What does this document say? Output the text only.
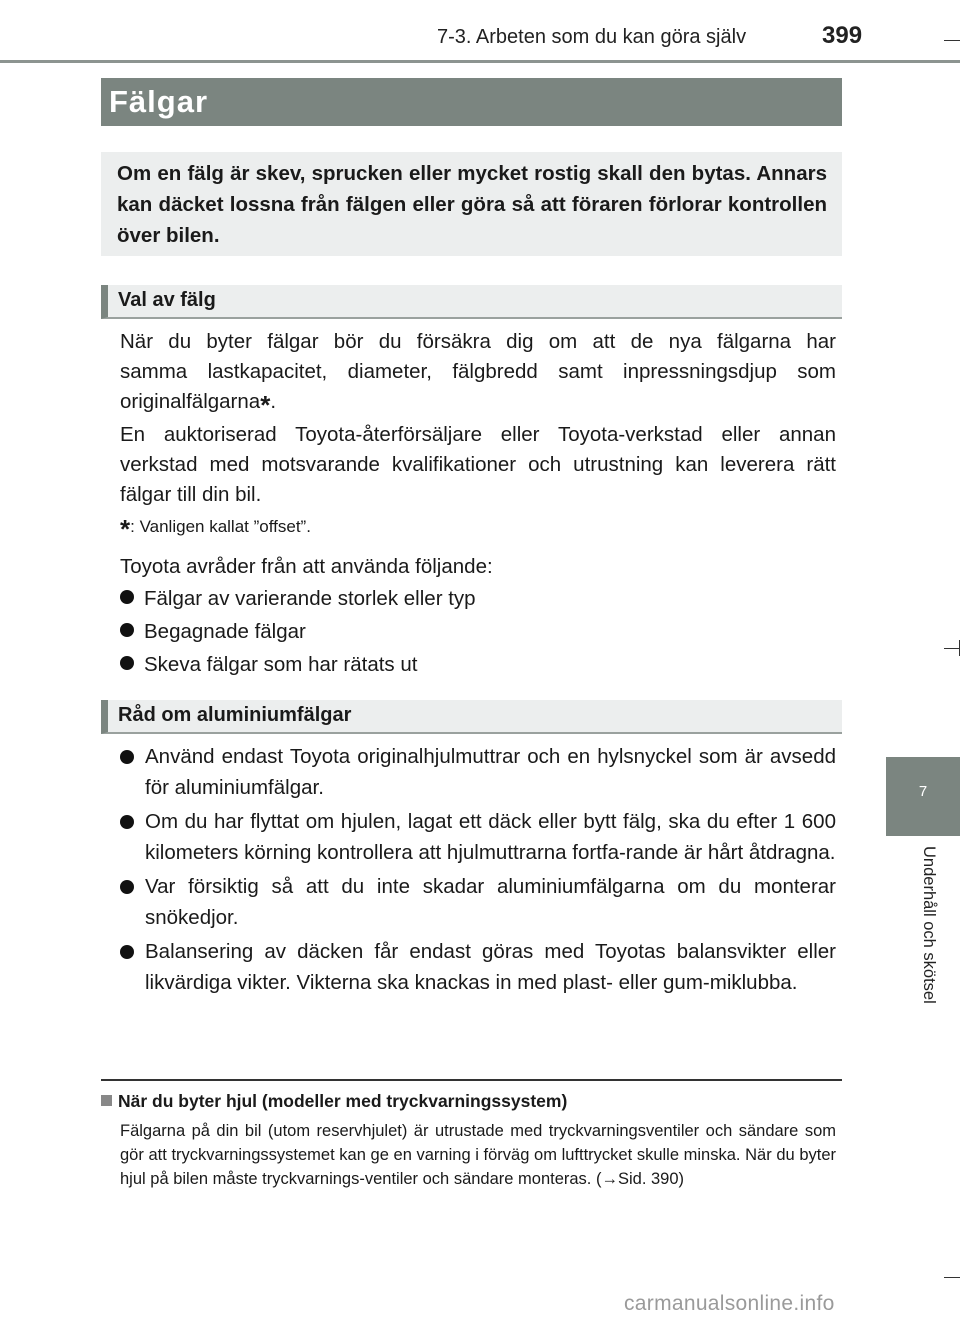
7-3. Arbeten som du kan göra själv	399
Fälgar
Om en fälg är skev, sprucken eller mycket rostig skall den bytas. Annars kan däcket lossna från fälgen eller göra så att föraren förlorar kontrollen över bilen.
Val av fälg
När du byter fälgar bör du försäkra dig om att de nya fälgarna har
samma lastkapacitet, diameter, fälgbredd samt inpressningsdjup som
originalfälgarna*.
En auktoriserad Toyota-återförsäljare eller Toyota-verkstad eller annan verkstad med motsvarande kvalifikationer och utrustning kan leverera rätt fälgar till din bil.
*: Vanligen kallat ”offset”.
Toyota avråder från att använda följande:
Fälgar av varierande storlek eller typ
Begagnade fälgar
Skeva fälgar som har rätats ut
Råd om aluminiumfälgar
Använd endast Toyota originalhjulmuttrar och en hylsnyckel som är avsedd för aluminiumfälgar.
Om du har flyttat om hjulen, lagat ett däck eller bytt fälg, ska du efter 1 600 kilometers körning kontrollera att hjulmuttrarna fortfa-rande är hårt åtdragna.
Var försiktig så att du inte skadar aluminiumfälgarna om du monterar snökedjor.
Balansering av däcken får endast göras med Toyotas balansvikter eller likvärdiga vikter. Vikterna ska knackas in med plast- eller gum-miklubba.
När du byter hjul (modeller med tryckvarningssystem)
Fälgarna på din bil (utom reservhjulet) är utrustade med tryckvarningsventiler och sändare som gör att tryckvarningssystemet kan ge en varning i förväg om lufttrycket skulle minska. När du byter hjul på bilen måste tryckvarnings-ventiler och sändare monteras. (→Sid. 390)
7
Underhåll och skötsel
carmanualsonline.info
